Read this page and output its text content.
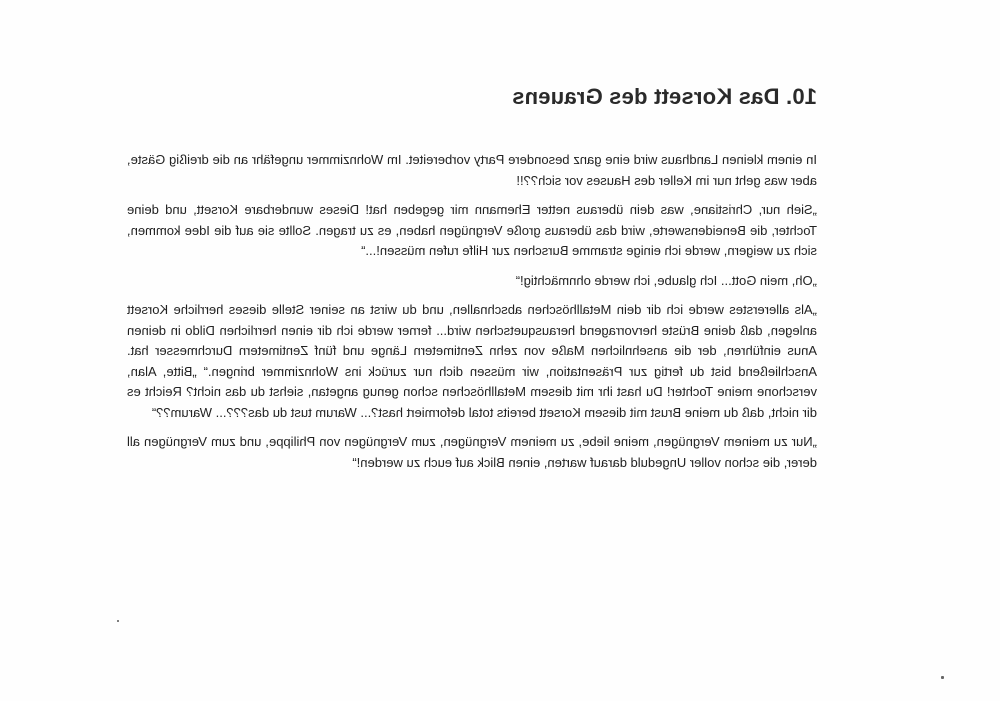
10. Das Korsett des Grauens

In einem kleinen Landhaus wird eine ganz besondere Party vorbereitet. Im Wohnzimmer ungefähr an die dreißig Gäste, aber was geht nur im Keller des Hauses vor sich??!!

„Sieh nur, Christiane, was dein überaus netter Ehemann mir gegeben hat! Dieses wunderbare Korsett, und deine Tochter, die Beneidenswerte, wird das überaus große Vergnügen haben, es zu tragen. Sollte sie auf die Idee kommen, sich zu weigern, werde ich einige stramme Burschen zur Hilfe rufen müssen!...“

„Oh, mein Gott... Ich glaube, ich werde ohnmächtig!“

„Als allererstes werde ich dir dein Metallhöschen abschnallen, und du wirst an seiner Stelle dieses herrliche Korsett anlegen, daß deine Brüste hervorragend herausquetschen wird... ferner werde ich dir einen herrlichen Dildo in deinen Anus einführen, der die ansehnlichen Maße von zehn Zentimetern Länge und fünf Zentimetern Durchmesser hat. Anschließend bist du fertig zur Präsentation, wir müssen dich nur zurück ins Wohnzimmer bringen.“ „Bitte, Alan, verschone meine Tochter! Du hast ihr mit diesem Metallhöschen schon genug angetan, siehst du das nicht? Reicht es dir nicht, daß du meine Brust mit diesem Korsett bereits total deformiert hast?... Warum tust du das???... Warum??“

„Nur zu meinem Vergnügen, meine liebe, zu meinem Vergnügen, zum Vergnügen von Philippe, und zum Vergnügen all derer, die schon voller Ungeduld darauf warten, einen Blick auf euch zu werden!“
